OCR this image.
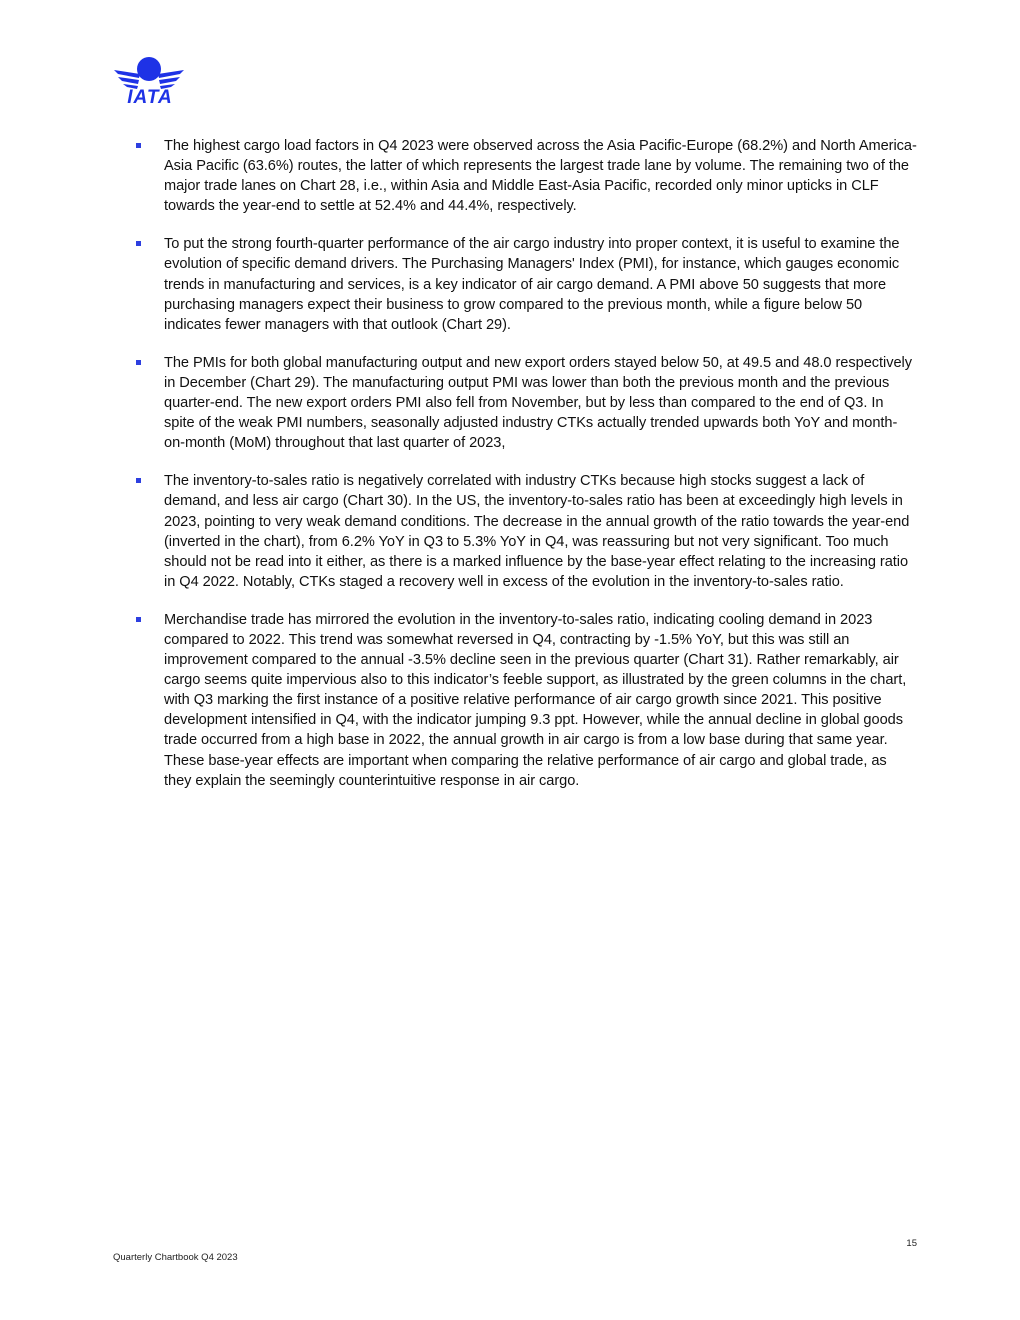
IATA
The highest cargo load factors in Q4 2023 were observed across the Asia Pacific-Europe (68.2%) and North America-Asia Pacific (63.6%) routes, the latter of which represents the largest trade lane by volume. The remaining two of the major trade lanes on Chart 28, i.e., within Asia and Middle East-Asia Pacific, recorded only minor upticks in CLF towards the year-end to settle at 52.4% and 44.4%, respectively.
To put the strong fourth-quarter performance of the air cargo industry into proper context, it is useful to examine the evolution of specific demand drivers. The Purchasing Managers' Index (PMI), for instance, which gauges economic trends in manufacturing and services, is a key indicator of air cargo demand. A PMI above 50 suggests that more purchasing managers expect their business to grow compared to the previous month, while a figure below 50 indicates fewer managers with that outlook (Chart 29).
The PMIs for both global manufacturing output and new export orders stayed below 50, at 49.5 and 48.0 respectively in December (Chart 29). The manufacturing output PMI was lower than both the previous month and the previous quarter-end. The new export orders PMI also fell from November, but by less than compared to the end of Q3. In spite of the weak PMI numbers, seasonally adjusted industry CTKs actually trended upwards both YoY and month-on-month (MoM) throughout that last quarter of 2023,
The inventory-to-sales ratio is negatively correlated with industry CTKs because high stocks suggest a lack of demand, and less air cargo (Chart 30). In the US, the inventory-to-sales ratio has been at exceedingly high levels in 2023, pointing to very weak demand conditions. The decrease in the annual growth of the ratio towards the year-end (inverted in the chart), from 6.2% YoY in Q3 to 5.3% YoY in Q4, was reassuring but not very significant. Too much should not be read into it either, as there is a marked influence by the base-year effect relating to the increasing ratio in Q4 2022. Notably, CTKs staged a recovery well in excess of the evolution in the inventory-to-sales ratio.
Merchandise trade has mirrored the evolution in the inventory-to-sales ratio, indicating cooling demand in 2023 compared to 2022. This trend was somewhat reversed in Q4, contracting by -1.5% YoY, but this was still an improvement compared to the annual -3.5% decline seen in the previous quarter (Chart 31). Rather remarkably, air cargo seems quite impervious also to this indicator’s feeble support, as illustrated by the green columns in the chart, with Q3 marking the first instance of a positive relative performance of air cargo growth since 2021. This positive development intensified in Q4, with the indicator jumping 9.3 ppt. However, while the annual decline in global goods trade occurred from a high base in 2022, the annual growth in air cargo is from a low base during that same year. These base-year effects are important when comparing the relative performance of air cargo and global trade, as they explain the seemingly counterintuitive response in air cargo.
15
Quarterly Chartbook Q4 2023
